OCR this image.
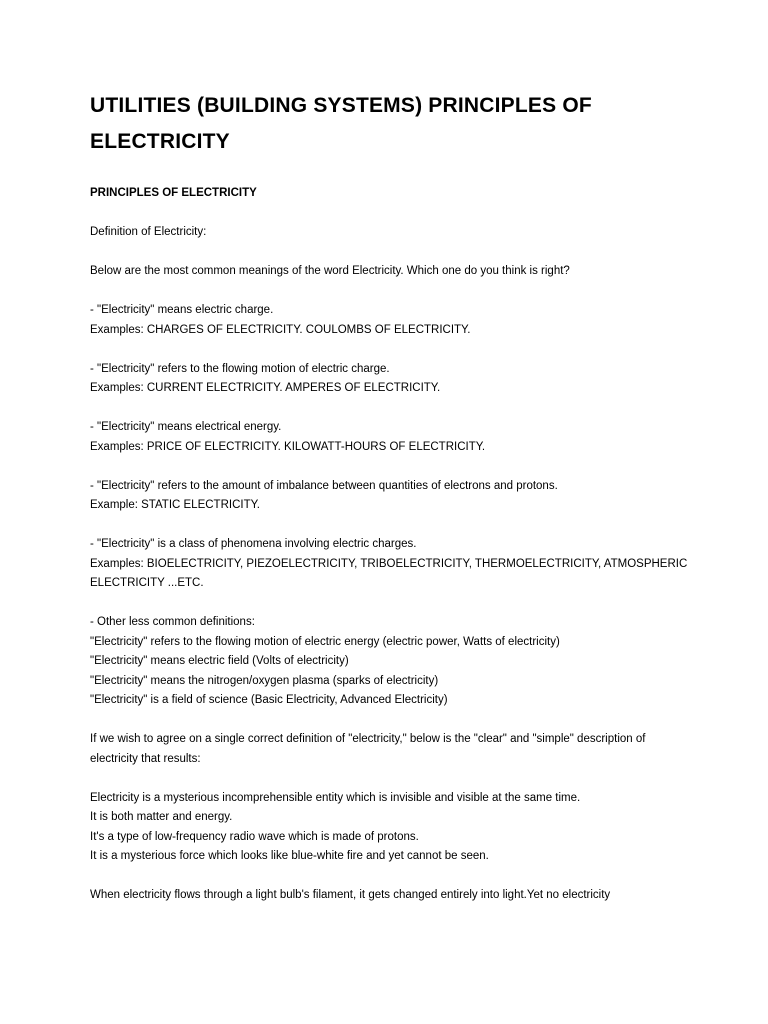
UTILITIES (BUILDING SYSTEMS) PRINCIPLES OF ELECTRICITY

PRINCIPLES OF ELECTRICITY

Definition of Electricity:

Below are the most common meanings of the word Electricity. Which one do you think is right?

- "Electricity" means electric charge.
Examples: CHARGES OF ELECTRICITY. COULOMBS OF ELECTRICITY.

- "Electricity" refers to the flowing motion of electric charge.
Examples: CURRENT ELECTRICITY. AMPERES OF ELECTRICITY.

- "Electricity" means electrical energy.
Examples: PRICE OF ELECTRICITY. KILOWATT-HOURS OF ELECTRICITY.

- "Electricity" refers to the amount of imbalance between quantities of electrons and protons.
Example: STATIC ELECTRICITY.

- "Electricity" is a class of phenomena involving electric charges.
Examples: BIOELECTRICITY, PIEZOELECTRICITY, TRIBOELECTRICITY, THERMOELECTRICITY, ATMOSPHERIC ELECTRICITY ...ETC.

- Other less common definitions:
"Electricity" refers to the flowing motion of electric energy (electric power, Watts of electricity)
"Electricity" means electric field (Volts of electricity)
"Electricity" means the nitrogen/oxygen plasma (sparks of electricity)
"Electricity" is a field of science (Basic Electricity, Advanced Electricity)

If we wish to agree on a single correct definition of "electricity," below is the "clear" and "simple" description of electricity that results:

Electricity is a mysterious incomprehensible entity which is invisible and visible at the same time.
It is both matter and energy.
It's a type of low-frequency radio wave which is made of protons.
It is a mysterious force which looks like blue-white fire and yet cannot be seen.

When electricity flows through a light bulb's filament, it gets changed entirely into light.Yet no electricity
